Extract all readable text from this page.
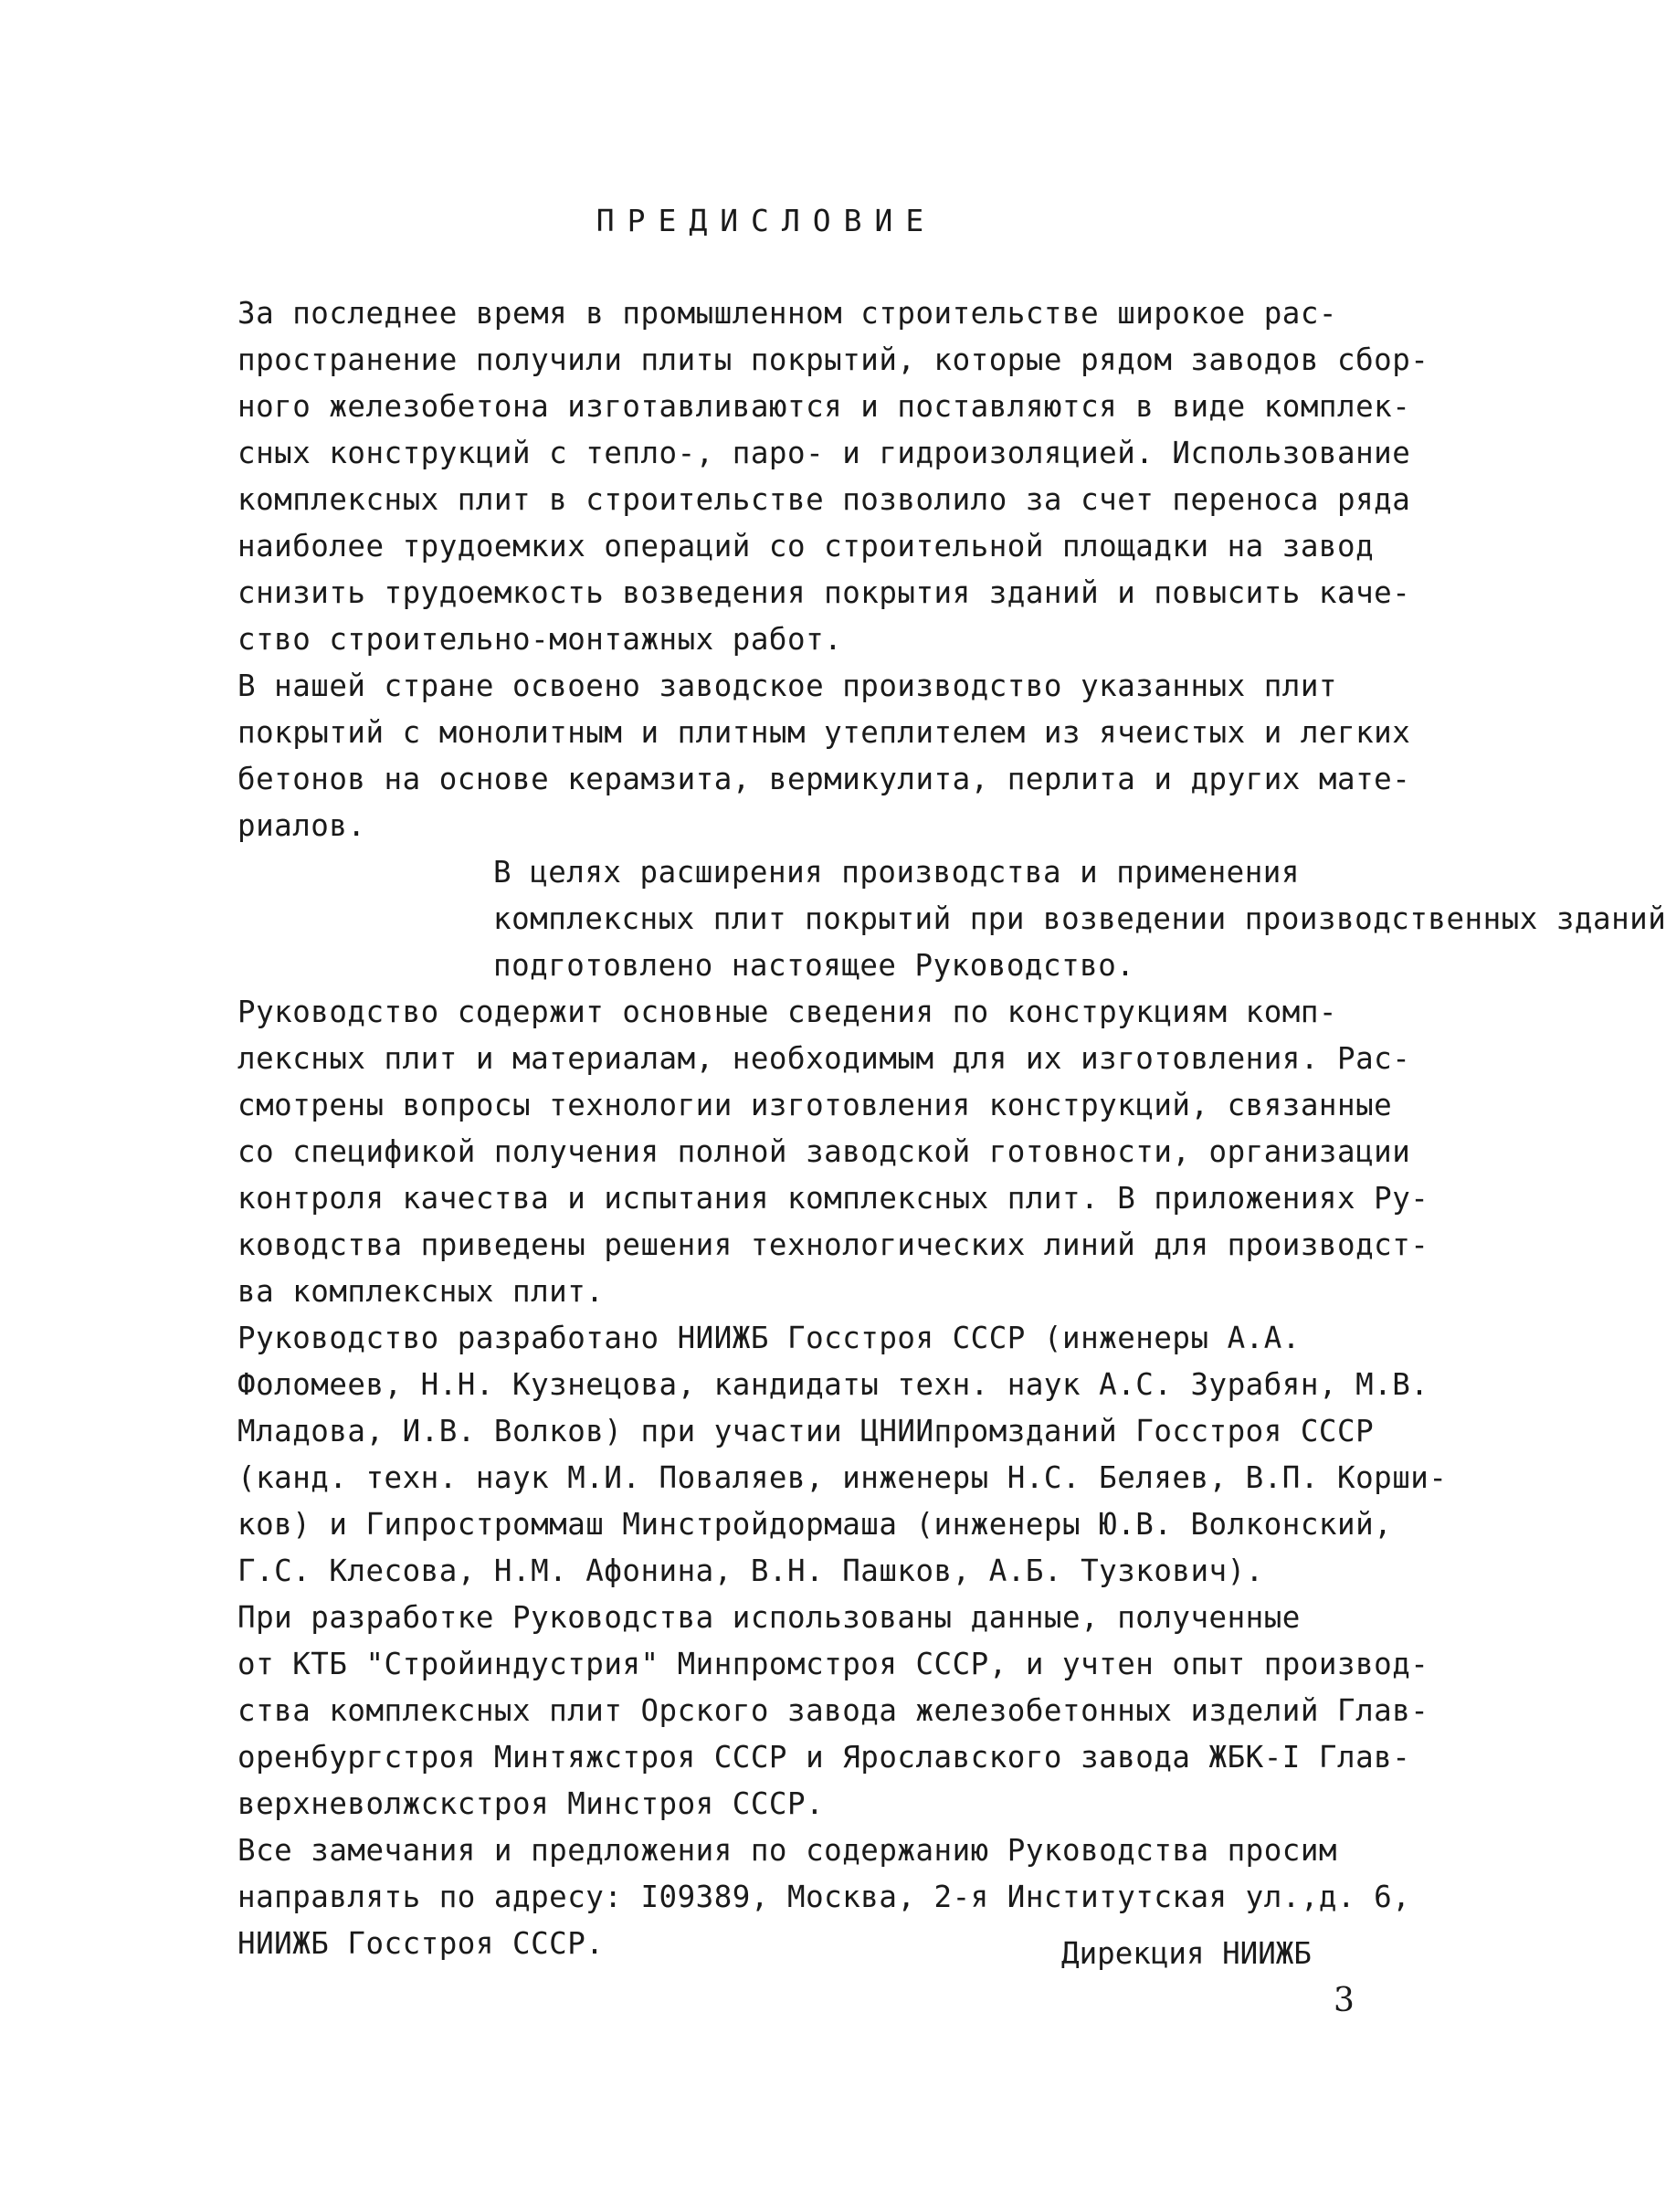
ПРЕДИСЛОВИЕ

За последнее время в промышленном строительстве широкое рас-
пространение получили плиты покрытий, которые рядом заводов сбор-
ного железобетона изготавливаются и поставляются в виде комплек-
сных конструкций с тепло-, паро- и гидроизоляцией. Использование
комплексных плит в строительстве позволило за счет переноса ряда
наиболее трудоемких операций со строительной площадки на завод
снизить трудоемкость возведения покрытия зданий и повысить каче-
ство строительно-монтажных работ.

В нашей стране освоено заводское производство указанных плит
покрытий с монолитным и плитным утеплителем из ячеистых и легких
бетонов на основе керамзита, вермикулита, перлита и других мате-
риалов.

В целях расширения производства и применения
комплексных плит покрытий при возведении производственных зданий
подготовлено настоящее Руководство.

Руководство содержит основные сведения по конструкциям комп-
лексных плит и материалам, необходимым для их изготовления. Рас-
смотрены вопросы технологии изготовления конструкций, связанные
со спецификой получения полной заводской готовности, организации
контроля качества и испытания комплексных плит. В приложениях Ру-
ководства приведены решения технологических линий для производст-
ва комплексных плит.

Руководство разработано НИИЖБ Госстроя СССР (инженеры А.А.
Фоломеев, Н.Н. Кузнецова, кандидаты техн. наук А.С. Зурабян, М.В.
Младова, И.В. Волков) при участии ЦНИИпромзданий Госстроя СССР
(канд. техн. наук М.И. Поваляев, инженеры Н.С. Беляев, В.П. Корши-
ков) и Гипростроммаш Минстройдормаша (инженеры Ю.В. Волконский,
Г.С. Клесова, Н.М. Афонина, В.Н. Пашков, А.Б. Тузкович).

При разработке Руководства использованы данные, полученные
от КТБ "Стройиндустрия" Минпромстроя СССР, и учтен опыт производ-
ства комплексных плит Орского завода железобетонных изделий Глав-
оренбургстроя Минтяжстроя СССР и Ярославского завода ЖБК-I Глав-
верхневолжскстроя Минстроя СССР.

Все замечания и предложения по содержанию Руководства просим
направлять по адресу: I09389, Москва, 2-я Институтская ул.,д. 6,
НИИЖБ Госстроя СССР.	Дирекция НИИЖБ
3
